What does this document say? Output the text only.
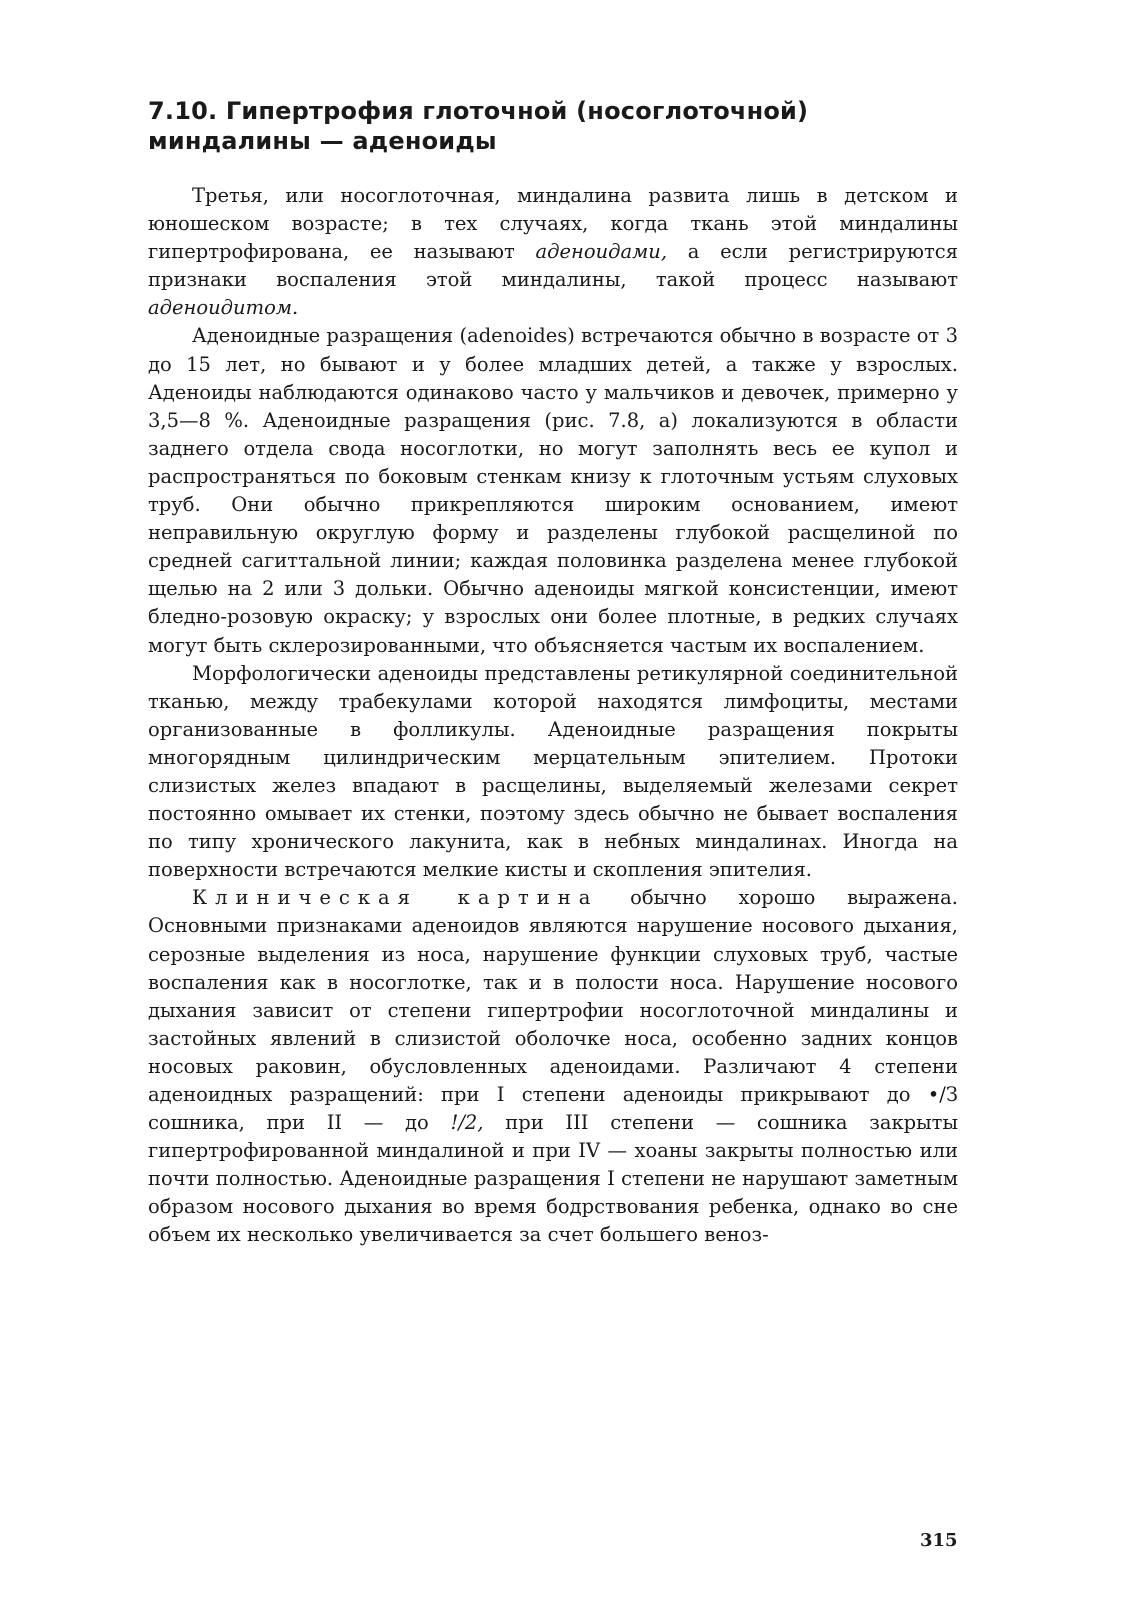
7.10. Гипертрофия глоточной (носоглоточной)
миндалины — аденоиды

Третья, или носоглоточная, миндалина развита лишь в детском и юношеском возрасте; в тех случаях, когда ткань этой миндалины гипертрофирована, ее называют аденоидами, а если регистрируются признаки воспаления этой миндалины, такой процесс называют аденоидитом.

Аденоидные разращения (adenoides) встречаются обычно в возрасте от 3 до 15 лет, но бывают и у более младших детей, а также у взрослых. Аденоиды наблюдаются одинаково часто у мальчиков и девочек, примерно у 3,5—8 %. Аденоидные разращения (рис. 7.8, а) локализуются в области заднего отдела свода носоглотки, но могут заполнять весь ее купол и распространяться по боковым стенкам книзу к глоточным устьям слуховых труб. Они обычно прикрепляются широким основанием, имеют неправильную округлую форму и разделены глубокой расщелиной по средней сагиттальной линии; каждая половинка разделена менее глубокой щелью на 2 или 3 дольки. Обычно аденоиды мягкой консистенции, имеют бледно-розовую окраску; у взрослых они более плотные, в редких случаях могут быть склерозированными, что объясняется частым их воспалением.

Морфологически аденоиды представлены ретикулярной соединительной тканью, между трабекулами которой находятся лимфоциты, местами организованные в фолликулы. Аденоидные разращения покрыты многорядным цилиндрическим мерцательным эпителием. Протоки слизистых желез впадают в расщелины, выделяемый железами секрет постоянно омывает их стенки, поэтому здесь обычно не бывает воспаления по типу хронического лакунита, как в небных миндалинах. Иногда на поверхности встречаются мелкие кисты и скопления эпителия.

Клиническая картина обычно хорошо выражена. Основными признаками аденоидов являются нарушение носового дыхания, серозные выделения из носа, нарушение функции слуховых труб, частые воспаления как в носоглотке, так и в полости носа. Нарушение носового дыхания зависит от степени гипертрофии носоглоточной миндалины и застойных явлений в слизистой оболочке носа, особенно задних концов носовых раковин, обусловленных аденоидами. Различают 4 степени аденоидных разращений: при I степени аденоиды прикрывают до •/З сошника, при II — до !/2, при III степени — сошника закрыты гипертрофированной миндалиной и при IV — хоаны закрыты полностью или почти полностью. Аденоидные разращения I степени не нарушают заметным образом носового дыхания во время бодрствования ребенка, однако во сне объем их несколько увеличивается за счет большего веноз-

315
